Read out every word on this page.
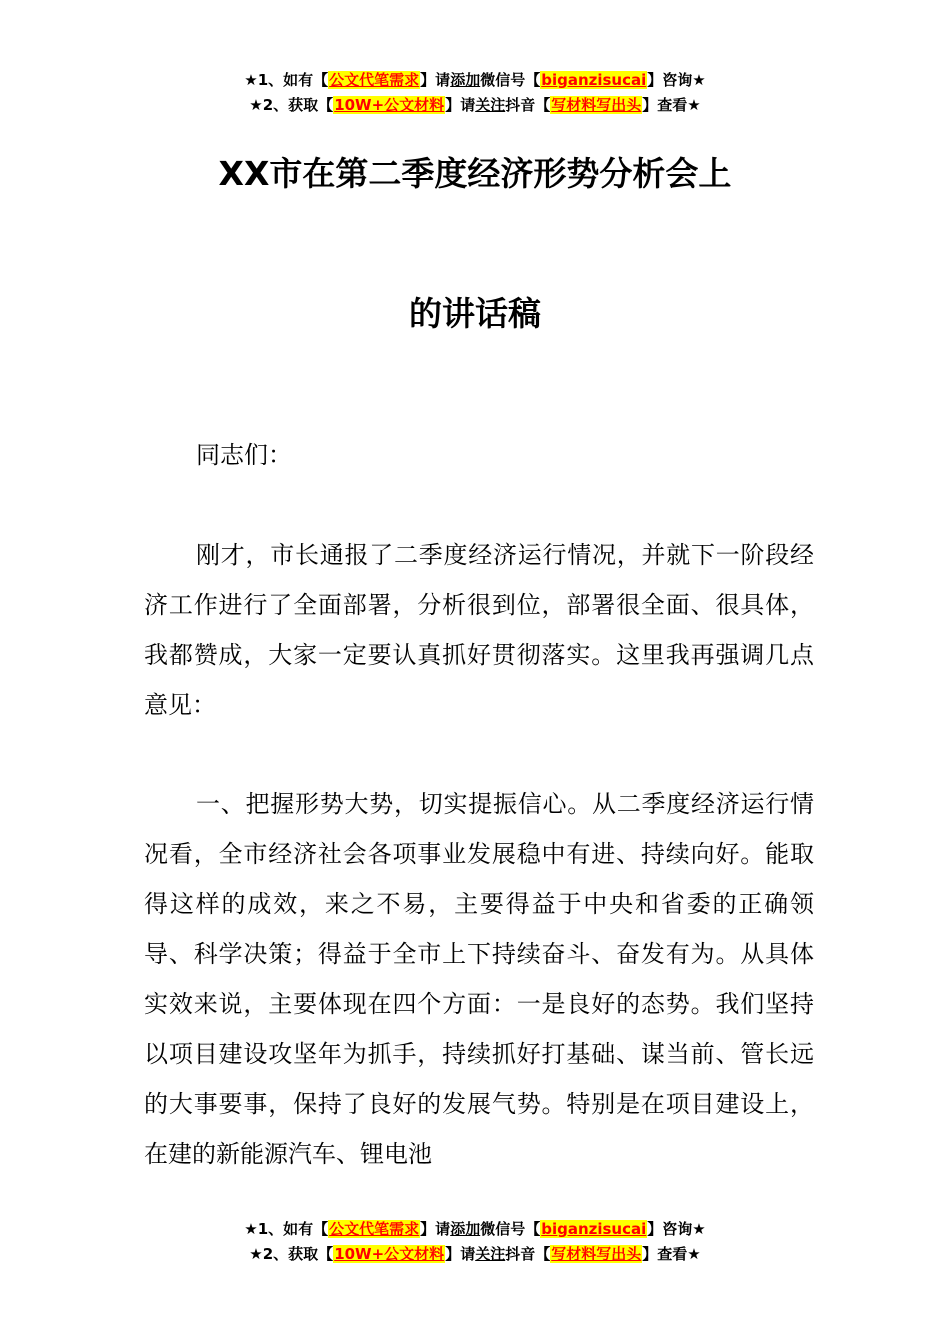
★1、如有【公文代笔需求】请添加微信号【biganzisucai】咨询★
★2、获取【10W+公文材料】请关注抖音【写材料写出头】查看★
XX市在第二季度经济形势分析会上
的讲话稿

同志们：

刚才，市长通报了二季度经济运行情况，并就下一阶段经济工作进行了全面部署，分析很到位，部署很全面、很具体，我都赞成，大家一定要认真抓好贯彻落实。这里我再强调几点意见：

一、把握形势大势，切实提振信心。从二季度经济运行情况看，全市经济社会各项事业发展稳中有进、持续向好。能取得这样的成效，来之不易，主要得益于中央和省委的正确领导、科学决策；得益于全市上下持续奋斗、奋发有为。从具体实效来说，主要体现在四个方面：一是良好的态势。我们坚持以项目建设攻坚年为抓手，持续抓好打基础、谋当前、管长远的大事要事，保持了良好的发展气势。特别是在项目建设上，在建的新能源汽车、锂电池

★1、如有【公文代笔需求】请添加微信号【biganzisucai】咨询★
★2、获取【10W+公文材料】请关注抖音【写材料写出头】查看★
